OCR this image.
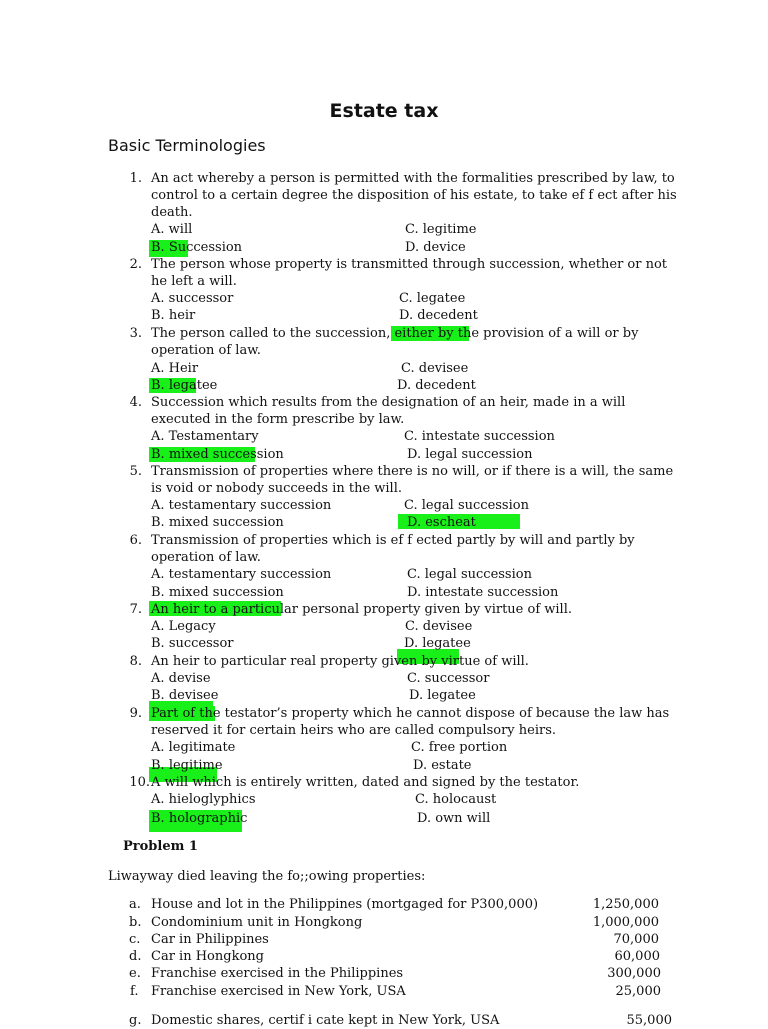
Estate tax
Basic Terminologies
1. An act whereby a person is permitted with the formalities prescribed by law, to
control to a certain degree the disposition of his estate, to take ef f ect after his
death.
A. will	C. legitime
B. Succession	D. device
2. The person whose property is transmitted through succession, whether or not
he left a will.
A. successor	C. legatee
B. heir	D. decedent
3. The person called to the succession, either by the provision of a will or by
operation of law.
A. Heir	C. devisee
B. legatee	D. decedent
4. Succession which results from the designation of an heir, made in a will
executed in the form prescribe by law.
A. Testamentary	C. intestate succession
B. mixed succession	D. legal succession
5. Transmission of properties where there is no will, or if there is a will, the same
is void or nobody succeeds in the will.
A. testamentary succession	C. legal succession
B. mixed succession	D. escheat
6. Transmission of properties which is ef f ected partly by will and partly by
operation of law.
A. testamentary succession	C. legal succession
B. mixed succession	D. intestate succession
7. An heir to a particular personal property given by virtue of will.
A. Legacy	C. devisee
B. successor	D. legatee
8. An heir to particular real property given by virtue of will.
A. devise	C. successor
B. devisee	D. legatee
9. Part of the testator’s property which he cannot dispose of because the law has
reserved it for certain heirs who are called compulsory heirs.
A. legitimate	C. free portion
B. legitime	D. estate
10. A will which is entirely written, dated and signed by the testator.
A. hieloglyphics	C. holocaust
B. holographic	D. own will
Problem 1
Liwayway died leaving the fo;;owing properties:
a. House and lot in the Philippines (mortgaged for P300,000)	1,250,000
b. Condominium unit in Hongkong	1,000,000
c. Car in Philippines	70,000
d. Car in Hongkong	60,000
e. Franchise exercised in the Philippines	300,000
f. Franchise exercised in New York, USA	25,000
g. Domestic shares, certif i cate kept in New York, USA	55,000
